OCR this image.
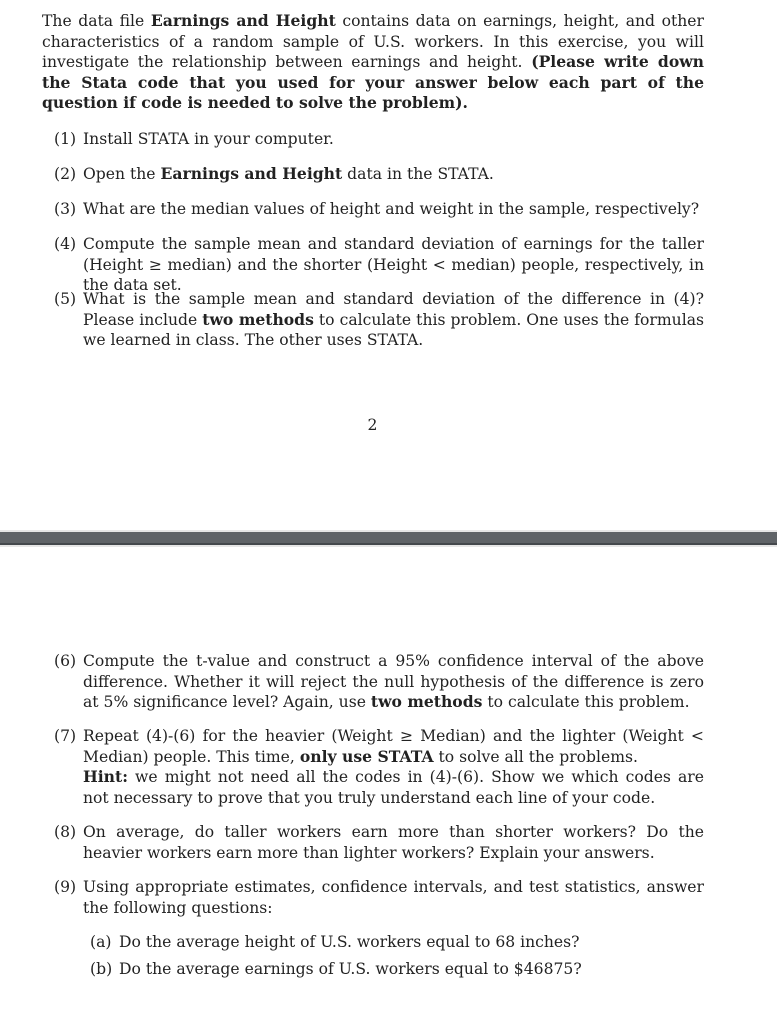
The data file Earnings and Height contains data on earnings, height, and other characteristics of a random sample of U.S. workers. In this exercise, you will investigate the relationship between earnings and height. (Please write down the Stata code that you used for your answer below each part of the question if code is needed to solve the problem).

(1) Install STATA in your computer.
(2) Open the Earnings and Height data in the STATA.
(3) What are the median values of height and weight in the sample, respectively?
(4) Compute the sample mean and standard deviation of earnings for the taller (Height ≥ median) and the shorter (Height < median) people, respectively, in the data set.
(5) What is the sample mean and standard deviation of the difference in (4)? Please include two methods to calculate this problem. One uses the formulas we learned in class. The other uses STATA.
2
(6) Compute the t-value and construct a 95% confidence interval of the above difference. Whether it will reject the null hypothesis of the difference is zero at 5% significance level? Again, use two methods to calculate this problem.
(7) Repeat (4)-(6) for the heavier (Weight ≥ Median) and the lighter (Weight < Median) people. This time, only use STATA to solve all the problems.
Hint: we might not need all the codes in (4)-(6). Show we which codes are not necessary to prove that you truly understand each line of your code.
(8) On average, do taller workers earn more than shorter workers? Do the heavier workers earn more than lighter workers? Explain your answers.
(9) Using appropriate estimates, confidence intervals, and test statistics, answer the following questions:
(a) Do the average height of U.S. workers equal to 68 inches?
(b) Do the average earnings of U.S. workers equal to $46875?
